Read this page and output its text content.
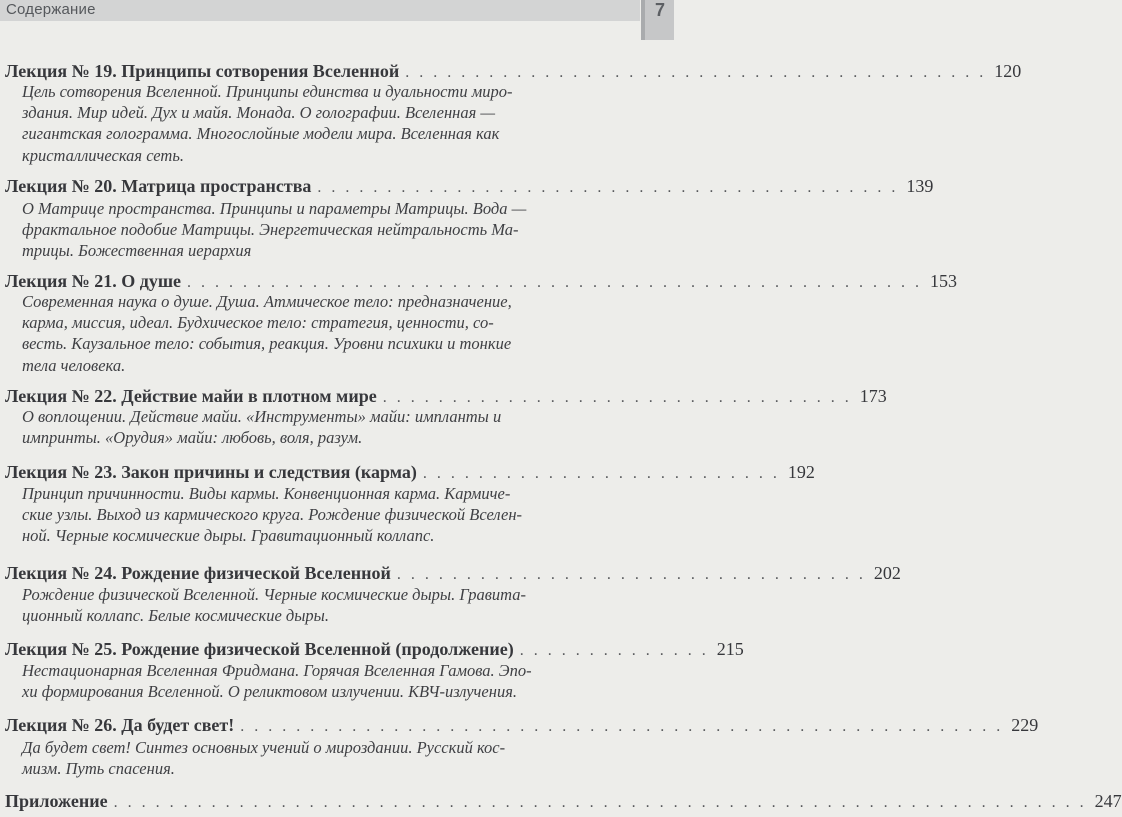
Содержание	7
Лекция № 19. Принципы сотворения Вселенной . . . . . . . . . . . . . . . . . . . . . . . . . . . . . . . . . . . . . . . . . . 120
Цель сотворения Вселенной. Принципы единства и дуальности миро-
здания. Мир идей. Дух и майя. Монада. О голографии. Вселенная —
гигантская голограмма. Многослойные модели мира. Вселенная как
кристаллическая сеть.
Лекция № 20. Матрица пространства . . . . . . . . . . . . . . . . . . . . . . . . . . . . . . . . . . . . . . . . . . 139
О Матрице пространства. Принципы и параметры Матрицы. Вода —
фрактальное подобие Матрицы. Энергетическая нейтральность Ма-
трицы. Божественная иерархия
Лекция № 21. О душе . . . . . . . . . . . . . . . . . . . . . . . . . . . . . . . . . . . . . . . . . . . . . . . . . . . . . 153
Современная наука о душе. Душа. Атмическое тело: предназначение,
карма, миссия, идеал. Будхическое тело: стратегия, ценности, со-
весть. Каузальное тело: события, реакция. Уровни психики и тонкие
тела человека.
Лекция № 22. Действие майи в плотном мире . . . . . . . . . . . . . . . . . . . . . . . . . . . . . . . . . . 173
О воплощении. Действие майи. «Инструменты» майи: импланты и
импринты. «Орудия» майи: любовь, воля, разум.
Лекция № 23. Закон причины и следствия (карма) . . . . . . . . . . . . . . . . . . . . . . . . . . 192
Принцип причинности. Виды кармы. Конвенционная карма. Кармиче-
ские узлы. Выход из кармического круга. Рождение физической Вселен-
ной. Черные космические дыры. Гравитационный коллапс.
Лекция № 24. Рождение физической Вселенной . . . . . . . . . . . . . . . . . . . . . . . . . . . . . . . . . . 202
Рождение физической Вселенной. Черные космические дыры. Гравита-
ционный коллапс. Белые космические дыры.
Лекция № 25. Рождение физической Вселенной (продолжение) . . . . . . . . . . . . . . 215
Нестационарная Вселенная Фридмана. Горячая Вселенная Гамова. Эпо-
хи формирования Вселенной. О реликтовом излучении. КВЧ-излучения.
Лекция № 26. Да будет свет! . . . . . . . . . . . . . . . . . . . . . . . . . . . . . . . . . . . . . . . . . . . . . . . . . . . . . . . 229
Да будет свет! Синтез основных учений о мироздании. Русский кос-
мизм. Путь спасения.
Приложение . . . . . . . . . . . . . . . . . . . . . . . . . . . . . . . . . . . . . . . . . . . . . . . . . . . . . . . . . . . . . . . . . . . . . . 247
